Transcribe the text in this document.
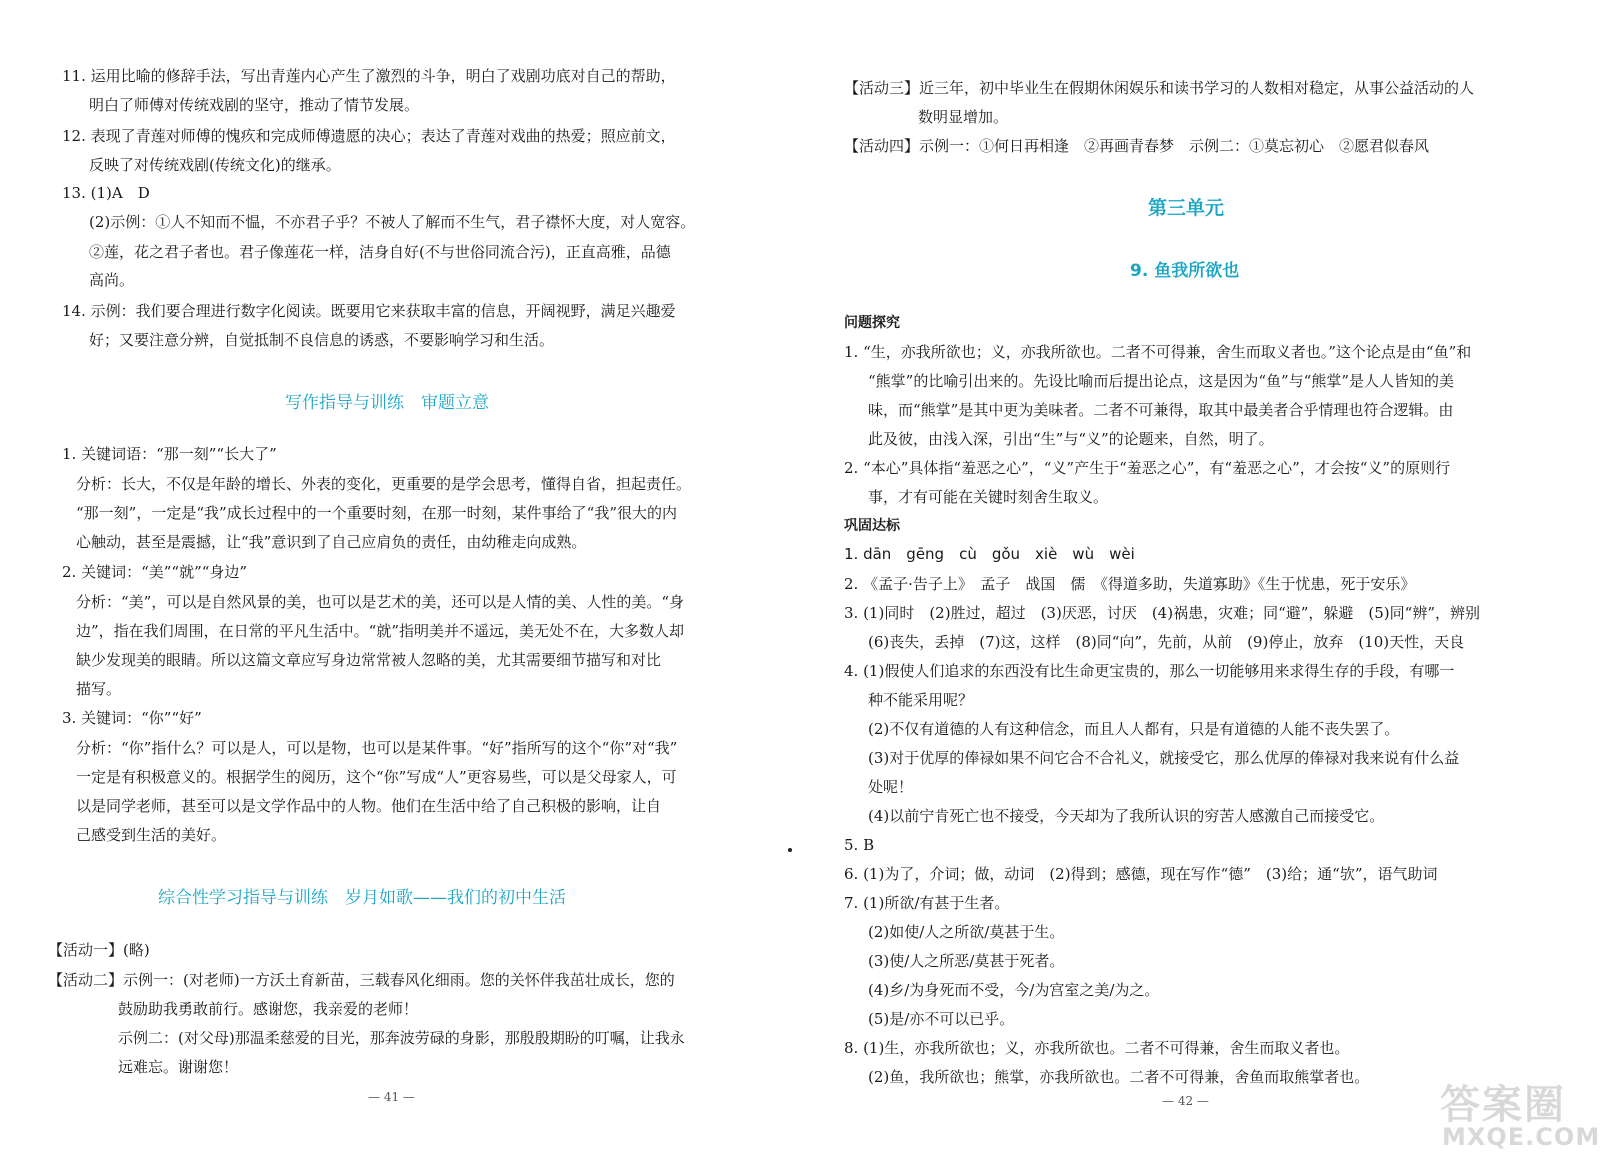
11. 运用比喻的修辞手法，写出青莲内心产生了激烈的斗争，明白了戏剧功底对自己的帮助，
明白了师傅对传统戏剧的坚守，推动了情节发展。
12. 表现了青莲对师傅的愧疚和完成师傅遗愿的决心；表达了青莲对戏曲的热爱；照应前文，
反映了对传统戏剧(传统文化)的继承。
13. (1)A　D
(2)示例：①人不知而不愠，不亦君子乎？不被人了解而不生气，君子襟怀大度，对人宽容。
②莲，花之君子者也。君子像莲花一样，洁身自好(不与世俗同流合污)，正直高雅，品德
高尚。
14. 示例：我们要合理进行数字化阅读。既要用它来获取丰富的信息，开阔视野，满足兴趣爱
好；又要注意分辨，自觉抵制不良信息的诱惑，不要影响学习和生活。
写作指导与训练　审题立意
1. 关键词语：“那一刻”“长大了”
分析：长大，不仅是年龄的增长、外表的变化，更重要的是学会思考，懂得自省，担起责任。
“那一刻”，一定是“我”成长过程中的一个重要时刻，在那一时刻，某件事给了“我”很大的内
心触动，甚至是震撼，让“我”意识到了自己应肩负的责任，由幼稚走向成熟。
2. 关键词：“美”“就”“身边”
分析：“美”，可以是自然风景的美，也可以是艺术的美，还可以是人情的美、人性的美。“身
边”，指在我们周围，在日常的平凡生活中。“就”指明美并不遥远，美无处不在，大多数人却
缺少发现美的眼睛。所以这篇文章应写身边常常被人忽略的美，尤其需要细节描写和对比
描写。
3. 关键词：“你”“好”
分析：“你”指什么？可以是人，可以是物，也可以是某件事。“好”指所写的这个“你”对“我”
一定是有积极意义的。根据学生的阅历，这个“你”写成“人”更容易些，可以是父母家人，可
以是同学老师，甚至可以是文学作品中的人物。他们在生活中给了自己积极的影响，让自
己感受到生活的美好。
综合性学习指导与训练　岁月如歌——我们的初中生活
【活动一】(略)
【活动二】示例一：(对老师)一方沃土育新苗，三载春风化细雨。您的关怀伴我茁壮成长，您的
鼓励助我勇敢前行。感谢您，我亲爱的老师！
示例二：(对父母)那温柔慈爱的目光，那奔波劳碌的身影，那殷殷期盼的叮嘱，让我永
远难忘。谢谢您！
— 41 —
【活动三】近三年，初中毕业生在假期休闲娱乐和读书学习的人数相对稳定，从事公益活动的人
数明显增加。
【活动四】示例一：①何日再相逢　②再画青春梦　示例二：①莫忘初心　②愿君似春风
第三单元
9. 鱼我所欲也
问题探究
1. “生，亦我所欲也；义，亦我所欲也。二者不可得兼，舍生而取义者也。”这个论点是由“鱼”和
“熊掌”的比喻引出来的。先设比喻而后提出论点，这是因为“鱼”与“熊掌”是人人皆知的美
味，而“熊掌”是其中更为美味者。二者不可兼得，取其中最美者合乎情理也符合逻辑。由
此及彼，由浅入深，引出“生”与“义”的论题来，自然，明了。
2. “本心”具体指“羞恶之心”，“义”产生于“羞恶之心”，有“羞恶之心”，才会按“义”的原则行
事，才有可能在关键时刻舍生取义。
巩固达标
1. dān　gēng　cù　gǒu　xiè　wù　wèi
2. 《孟子·告子上》　孟子　战国　儒　《得道多助，失道寡助》《生于忧患，死于安乐》
3. (1)同时　(2)胜过，超过　(3)厌恶，讨厌　(4)祸患，灾难；同“避”，躲避　(5)同“辨”，辨别
(6)丧失，丢掉　(7)这，这样　(8)同“向”，先前，从前　(9)停止，放弃　(10)天性，天良
4. (1)假使人们追求的东西没有比生命更宝贵的，那么一切能够用来求得生存的手段，有哪一
种不能采用呢？
(2)不仅有道德的人有这种信念，而且人人都有，只是有道德的人能不丧失罢了。
(3)对于优厚的俸禄如果不问它合不合礼义，就接受它，那么优厚的俸禄对我来说有什么益
处呢！
(4)以前宁肯死亡也不接受，今天却为了我所认识的穷苦人感激自己而接受它。
5. B
6. (1)为了，介词；做，动词　(2)得到；感德，现在写作“德”　(3)给；通“欤”，语气助词
7. (1)所欲/有甚于生者。
(2)如使/人之所欲/莫甚于生。
(3)使/人之所恶/莫甚于死者。
(4)乡/为身死而不受，今/为宫室之美/为之。
(5)是/亦不可以已乎。
8. (1)生，亦我所欲也；义，亦我所欲也。二者不可得兼，舍生而取义者也。
(2)鱼，我所欲也；熊掌，亦我所欲也。二者不可得兼，舍鱼而取熊掌者也。
— 42 —	答案圈
MXQE.COM
